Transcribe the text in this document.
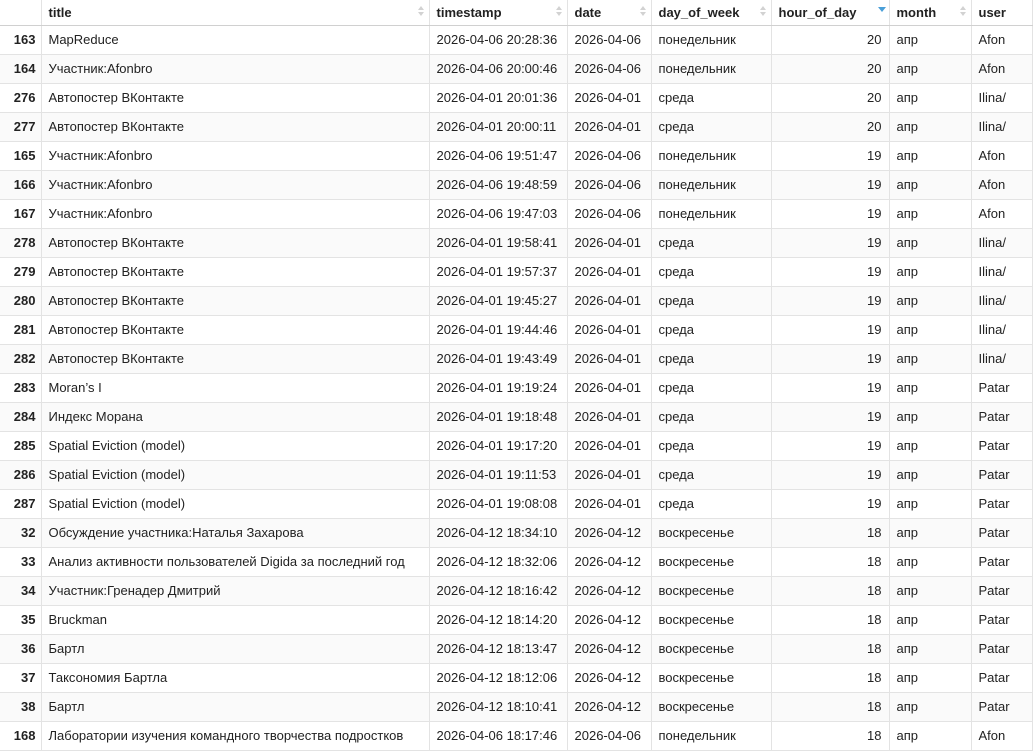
	title	timestamp	date	day_of_week	hour_of_day	month	user
163	MapReduce	2026-04-06 20:28:36	2026-04-06	понедельник	20	апр	Afon
164	Участник:Afonbro	2026-04-06 20:00:46	2026-04-06	понедельник	20	апр	Afon
276	Автопостер ВКонтакте	2026-04-01 20:01:36	2026-04-01	среда	20	апр	Ilina/
277	Автопостер ВКонтакте	2026-04-01 20:00:11	2026-04-01	среда	20	апр	Ilina/
165	Участник:Afonbro	2026-04-06 19:51:47	2026-04-06	понедельник	19	апр	Afon
166	Участник:Afonbro	2026-04-06 19:48:59	2026-04-06	понедельник	19	апр	Afon
167	Участник:Afonbro	2026-04-06 19:47:03	2026-04-06	понедельник	19	апр	Afon
278	Автопостер ВКонтакте	2026-04-01 19:58:41	2026-04-01	среда	19	апр	Ilina/
279	Автопостер ВКонтакте	2026-04-01 19:57:37	2026-04-01	среда	19	апр	Ilina/
280	Автопостер ВКонтакте	2026-04-01 19:45:27	2026-04-01	среда	19	апр	Ilina/
281	Автопостер ВКонтакте	2026-04-01 19:44:46	2026-04-01	среда	19	апр	Ilina/
282	Автопостер ВКонтакте	2026-04-01 19:43:49	2026-04-01	среда	19	апр	Ilina/
283	Moran’s I	2026-04-01 19:19:24	2026-04-01	среда	19	апр	Patar
284	Индекс Морана	2026-04-01 19:18:48	2026-04-01	среда	19	апр	Patar
285	Spatial Eviction (model)	2026-04-01 19:17:20	2026-04-01	среда	19	апр	Patar
286	Spatial Eviction (model)	2026-04-01 19:11:53	2026-04-01	среда	19	апр	Patar
287	Spatial Eviction (model)	2026-04-01 19:08:08	2026-04-01	среда	19	апр	Patar
32	Обсуждение участника:Наталья Захарова	2026-04-12 18:34:10	2026-04-12	воскресенье	18	апр	Patar
33	Анализ активности пользователей Digida за последний год	2026-04-12 18:32:06	2026-04-12	воскресенье	18	апр	Patar
34	Участник:Гренадер Дмитрий	2026-04-12 18:16:42	2026-04-12	воскресенье	18	апр	Patar
35	Bruckman	2026-04-12 18:14:20	2026-04-12	воскресенье	18	апр	Patar
36	Бартл	2026-04-12 18:13:47	2026-04-12	воскресенье	18	апр	Patar
37	Таксономия Бартла	2026-04-12 18:12:06	2026-04-12	воскресенье	18	апр	Patar
38	Бартл	2026-04-12 18:10:41	2026-04-12	воскресенье	18	апр	Patar
168	Лаборатории изучения командного творчества подростков	2026-04-06 18:17:46	2026-04-06	понедельник	18	апр	Afon
